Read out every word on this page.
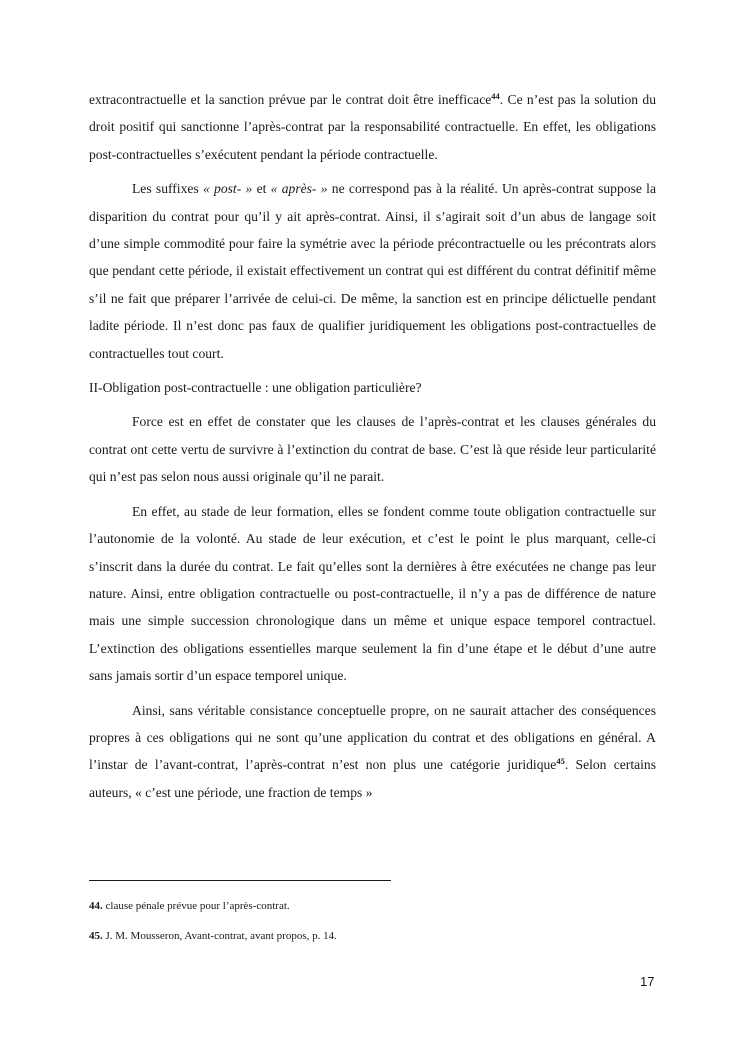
extracontractuelle et la sanction prévue par le contrat doit être inefficace$^{44}$. Ce n’est pas la solution du droit positif qui sanctionne l’après-contrat par la responsabilité contractuelle. En effet, les obligations post-contractuelles s’exécutent pendant la période contractuelle.

Les suffixes « post- » et « après- » ne correspond pas à la réalité. Un après-contrat suppose la disparition du contrat pour qu’il y ait après-contrat. Ainsi, il s’agirait soit d’un abus de langage soit d’une simple commodité pour faire la symétrie avec la période précontractuelle ou les précontrats alors que pendant cette période, il existait effectivement un contrat qui est différent du contrat définitif même s’il ne fait que préparer l’arrivée de celui-ci. De même, la sanction est en principe délictuelle pendant ladite période. Il n’est donc pas faux de qualifier juridiquement les obligations post-contractuelles de contractuelles tout court.

II-Obligation post-contractuelle : une obligation particulière?

Force est en effet de constater que les clauses de l’après-contrat et les clauses générales du contrat ont cette vertu de survivre à l’extinction du contrat de base. C’est là que réside leur particularité qui n’est pas selon nous aussi originale qu’il ne parait.

En effet, au stade de leur formation, elles se fondent comme toute obligation contractuelle sur l’autonomie de la volonté. Au stade de leur exécution, et c’est le point le plus marquant, celle-ci s’inscrit dans la durée du contrat. Le fait qu’elles sont la dernières à être exécutées ne change pas leur nature. Ainsi, entre obligation contractuelle ou post-contractuelle, il n’y a pas de différence de nature mais une simple succession chronologique dans un même et unique espace temporel contractuel. L’extinction des obligations essentielles marque seulement la fin d’une étape et le début d’une autre sans jamais sortir d’un espace temporel unique.

Ainsi, sans véritable consistance conceptuelle propre, on ne saurait attacher des conséquences propres à ces obligations qui ne sont qu’une application du contrat et des obligations en général. A l’instar de l’avant-contrat, l’après-contrat n’est non plus une catégorie juridique$^{45}$. Selon certains auteurs, « c’est une période, une fraction de temps »

44. clause pénale prévue pour l’après-contrat.

45. J. M. Mousseron, Avant-contrat, avant propos, p. 14.

17
